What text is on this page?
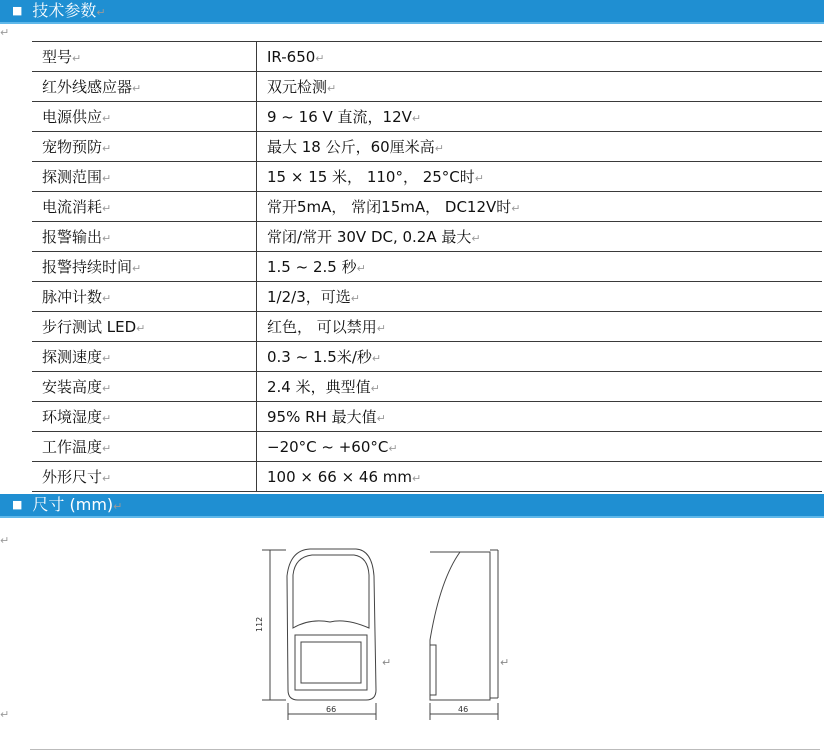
■ 技术参数↵
↵
型号↵	IR-650↵
红外线感应器↵	双元检测↵
电源供应↵	9 ~ 16 V 直流，12V↵
宠物预防↵	最大 18 公斤，60厘米高↵
探测范围↵	15 × 15 米， 110°， 25°C时↵
电流消耗↵	常开5mA， 常闭15mA， DC12V时↵
报警输出↵	常闭/常开 30V DC, 0.2A 最大↵
报警持续时间↵	1.5 ~ 2.5 秒↵
脉冲计数↵	1/2/3，可选↵
步行测试 LED↵	红色， 可以禁用↵
探测速度↵	0.3 ~ 1.5米/秒↵
安装高度↵	2.4 米，典型值↵
环境湿度↵	95% RH 最大值↵
工作温度↵	−20°C ~ +60°C↵
外形尺寸↵	100 × 66 × 46 mm↵
■ 尺寸 (mm)↵
↵
↵
112
66	46
↵	↵
